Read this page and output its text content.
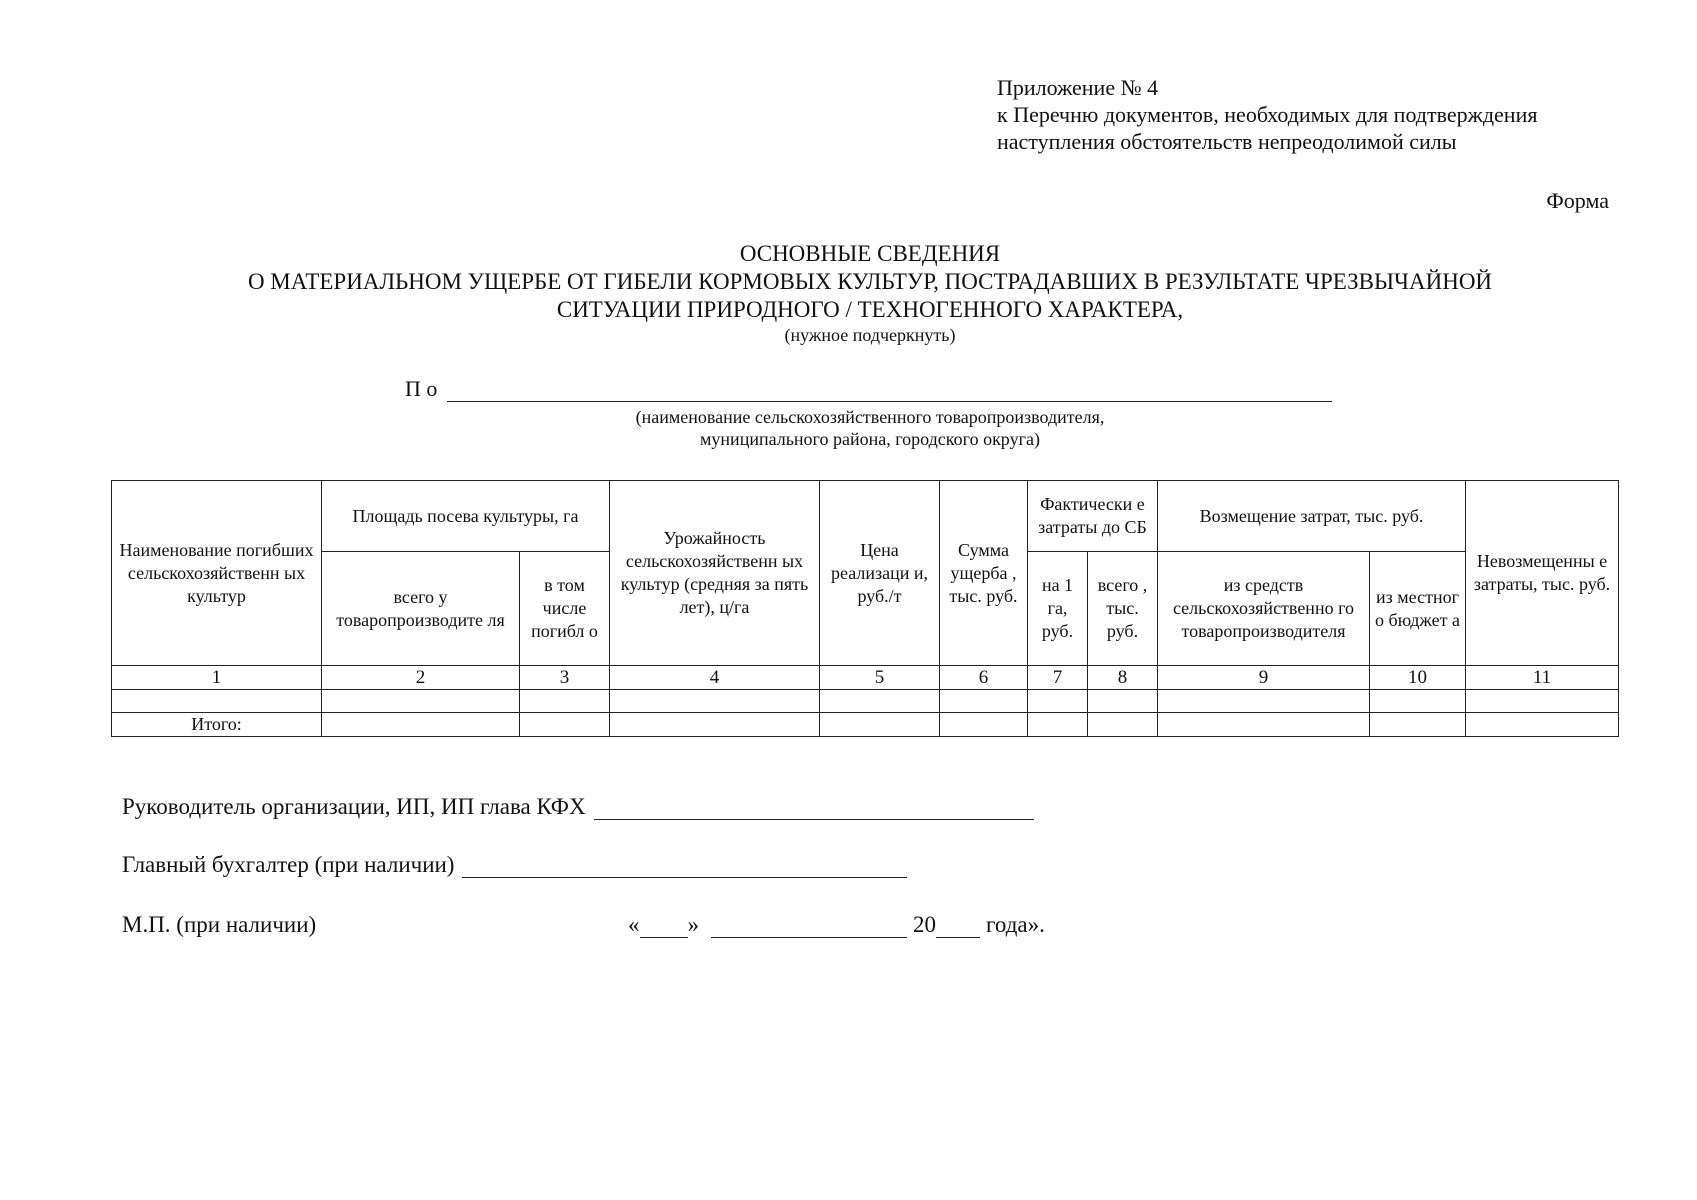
Приложение № 4
к Перечню документов, необходимых для подтверждения
наступления обстоятельств непреодолимой силы
Форма
ОСНОВНЫЕ СВЕДЕНИЯ
О МАТЕРИАЛЬНОМ УЩЕРБЕ ОТ ГИБЕЛИ КОРМОВЫХ КУЛЬТУР, ПОСТРАДАВШИХ В РЕЗУЛЬТАТЕ ЧРЕЗВЫЧАЙНОЙ
СИТУАЦИИ ПРИРОДНОГО / ТЕХНОГЕННОГО ХАРАКТЕРА,
(нужное подчеркнуть)
П о
(наименование сельскохозяйственного товаропроизводителя,
муниципального района, городского округа)
Наименование погибших сельскохозяйственн ых культур	Площадь посева культуры, га		Урожайность сельскохозяйственн ых культур (средняя за пять лет), ц/га	Цена реализаци и, руб./т	Сумма ущерба , тыс. руб.	Фактически е затраты до СБ		Возмещение затрат, тыс. руб.		Невозмещенны е затраты, тыс. руб.
	всего у товаропроизводите ля	в том числе погибл о				на 1 га, руб.	всего , тыс. руб.	из средств сельскохозяйственно го товаропроизводителя	из местног о бюджет а	
1	2	3	4	5	6	7	8	9	10	11

Итого:										
Руководитель организации, ИП, ИП глава КФХ
Главный бухгалтер (при наличии)
М.П. (при наличии)	« »	20 года».
